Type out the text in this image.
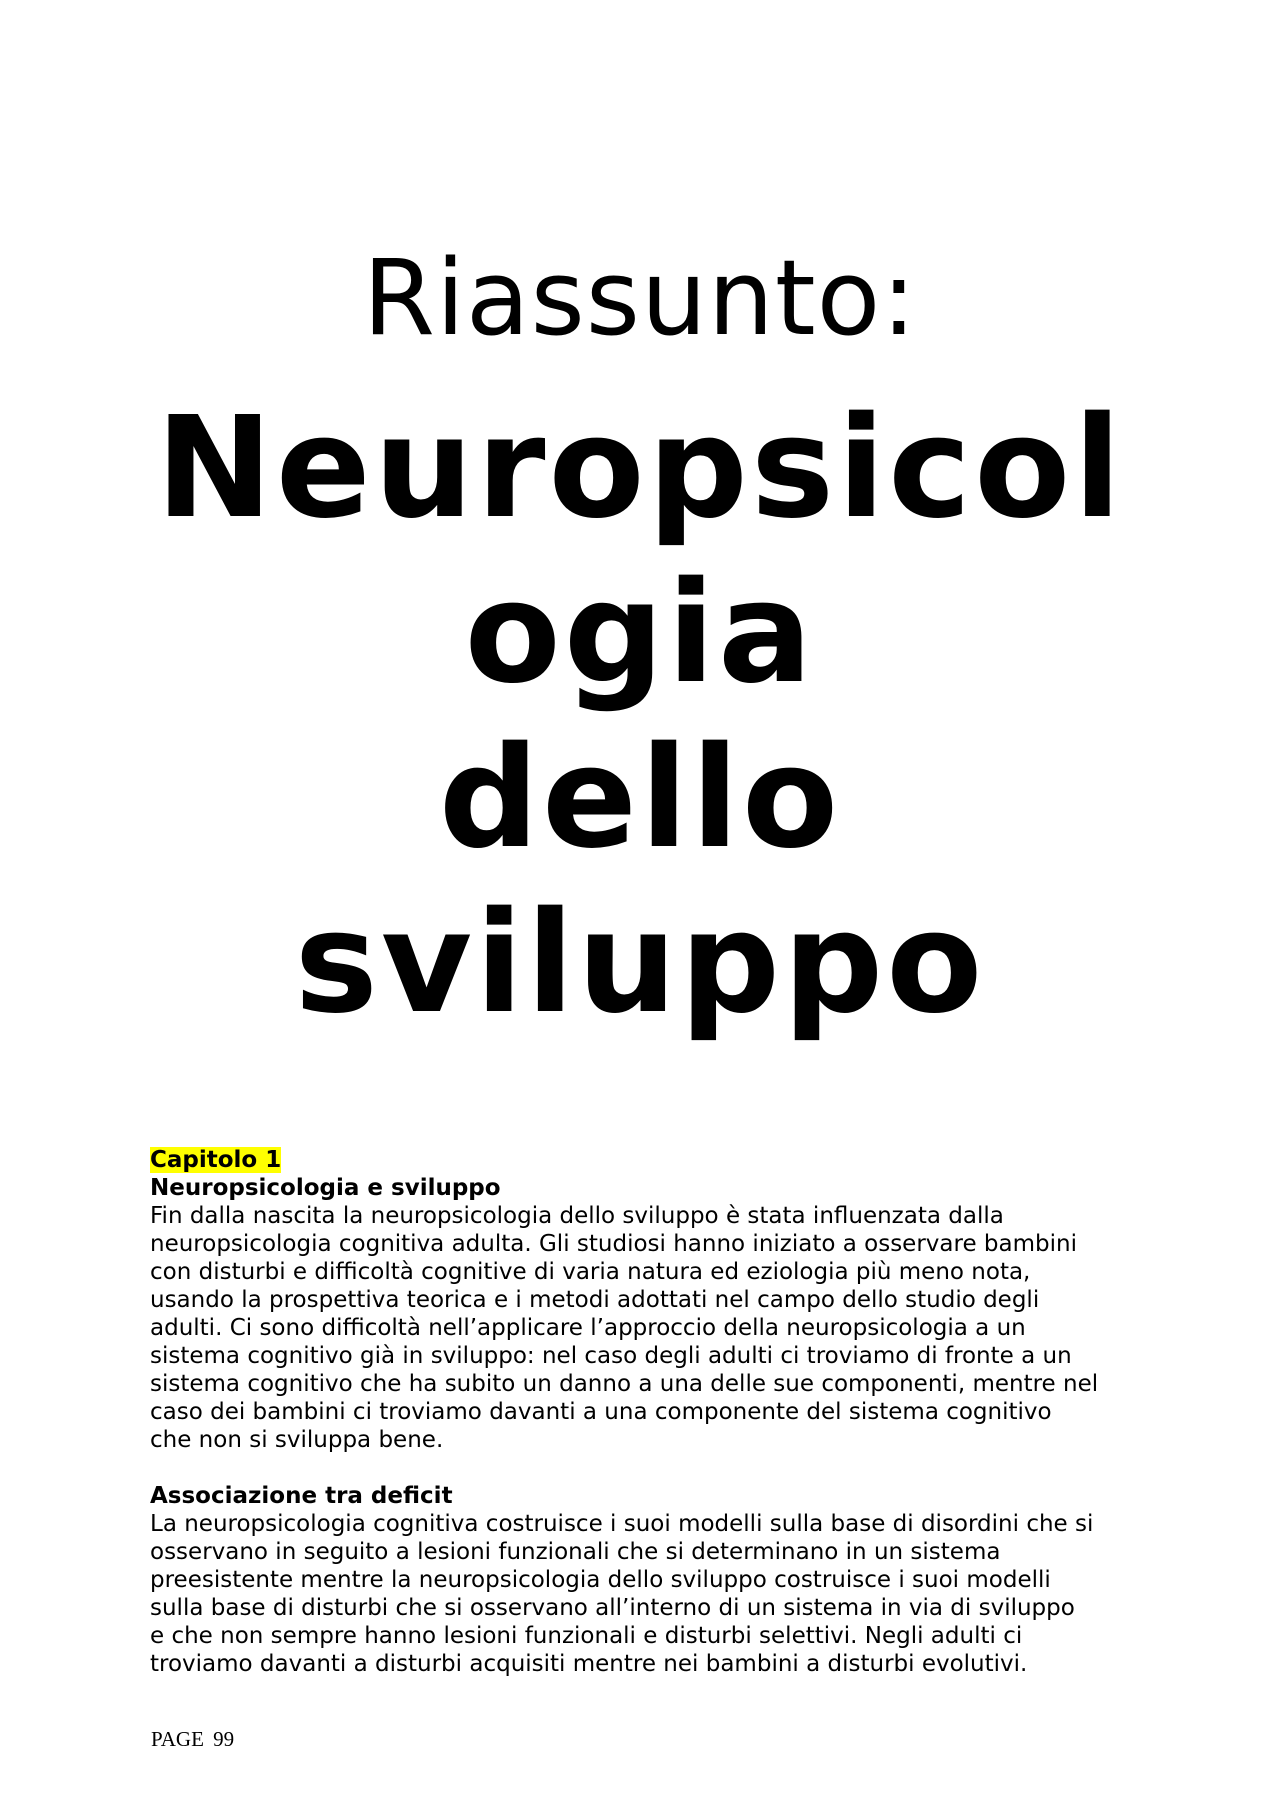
Riassunto:
Neuropsicol
ogia
dello
sviluppo
Capitolo 1
Neuropsicologia e sviluppo
Fin dalla nascita la neuropsicologia dello sviluppo è stata influenzata dalla
neuropsicologia cognitiva adulta. Gli studiosi hanno iniziato a osservare bambini
con disturbi e difficoltà cognitive di varia natura ed eziologia più meno nota,
usando la prospettiva teorica e i metodi adottati nel campo dello studio degli
adulti. Ci sono difficoltà nell’applicare l’approccio della neuropsicologia a un
sistema cognitivo già in sviluppo: nel caso degli adulti ci troviamo di fronte a un
sistema cognitivo che ha subito un danno a una delle sue componenti, mentre nel
caso dei bambini ci troviamo davanti a una componente del sistema cognitivo
che non si sviluppa bene.
Associazione tra deficit
La neuropsicologia cognitiva costruisce i suoi modelli sulla base di disordini che si
osservano in seguito a lesioni funzionali che si determinano in un sistema
preesistente mentre la neuropsicologia dello sviluppo costruisce i suoi modelli
sulla base di disturbi che si osservano all’interno di un sistema in via di sviluppo
e che non sempre hanno lesioni funzionali e disturbi selettivi. Negli adulti ci
troviamo davanti a disturbi acquisiti mentre nei bambini a disturbi evolutivi.
PAGE 99
